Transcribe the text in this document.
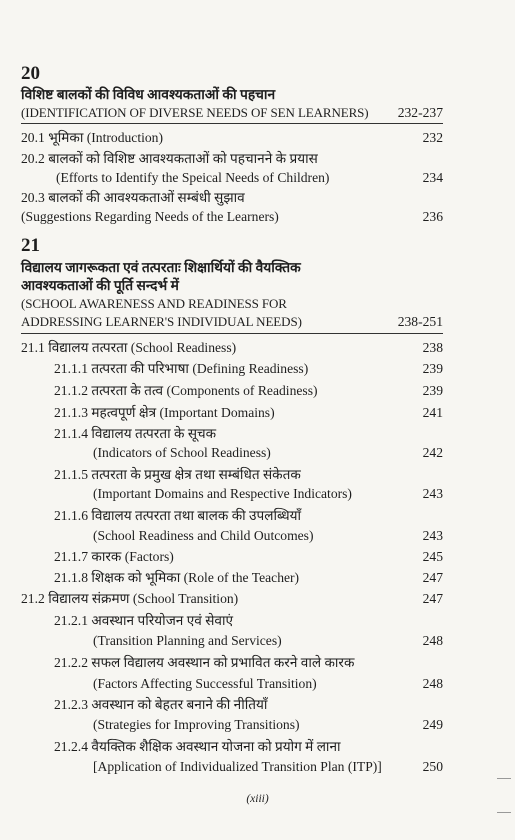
20
विशिष्ट बालकों की विविध आवश्यकताओं की पहचान
(IDENTIFICATION OF DIVERSE NEEDS OF SEN LEARNERS) 232-237
20.1 भूमिका (Introduction)	232
20.2 बालकों को विशिष्ट आवश्यकताओं को पहचानने के प्रयास
(Efforts to Identify the Speical Needs of Children)	234
20.3 बालकों की आवश्यकताओं सम्बंधी सुझाव
(Suggestions Regarding Needs of the Learners)	236
21
विद्यालय जागरूकता एवं तत्परताः शिक्षार्थियों की वैयक्तिक
आवश्यकताओं की पूर्ति सन्दर्भ में
(SCHOOL AWARENESS AND READINESS FOR
ADDRESSING LEARNER'S INDIVIDUAL NEEDS)	238-251
21.1 विद्यालय तत्परता (School Readiness)	238
21.1.1 तत्परता की परिभाषा (Defining Readiness)	239
21.1.2 तत्परता के तत्व (Components of Readiness)	239
21.1.3 महत्वपूर्ण क्षेत्र (Important Domains)	241
21.1.4 विद्यालय तत्परता के सूचक
(Indicators of School Readiness)	242
21.1.5 तत्परता के प्रमुख क्षेत्र तथा सम्बंधित संकेतक
(Important Domains and Respective Indicators)	243
21.1.6 विद्यालय तत्परता तथा बालक की उपलब्धियाँ
(School Readiness and Child Outcomes)	243
21.1.7 कारक (Factors)	245
21.1.8 शिक्षक को भूमिका (Role of the Teacher)	247
21.2 विद्यालय संक्रमण (School Transition)	247
21.2.1 अवस्थान परियोजन एवं सेवाएं
(Transition Planning and Services)	248
21.2.2 सफल विद्यालय अवस्थान को प्रभावित करने वाले कारक
(Factors Affecting Successful Transition)	248
21.2.3 अवस्थान को बेहतर बनाने की नीतियाँ
(Strategies for Improving Transitions)	249
21.2.4 वैयक्तिक शैक्षिक अवस्थान योजना को प्रयोग में लाना
[Application of Individualized Transition Plan (ITP)]	250
(xiii)
